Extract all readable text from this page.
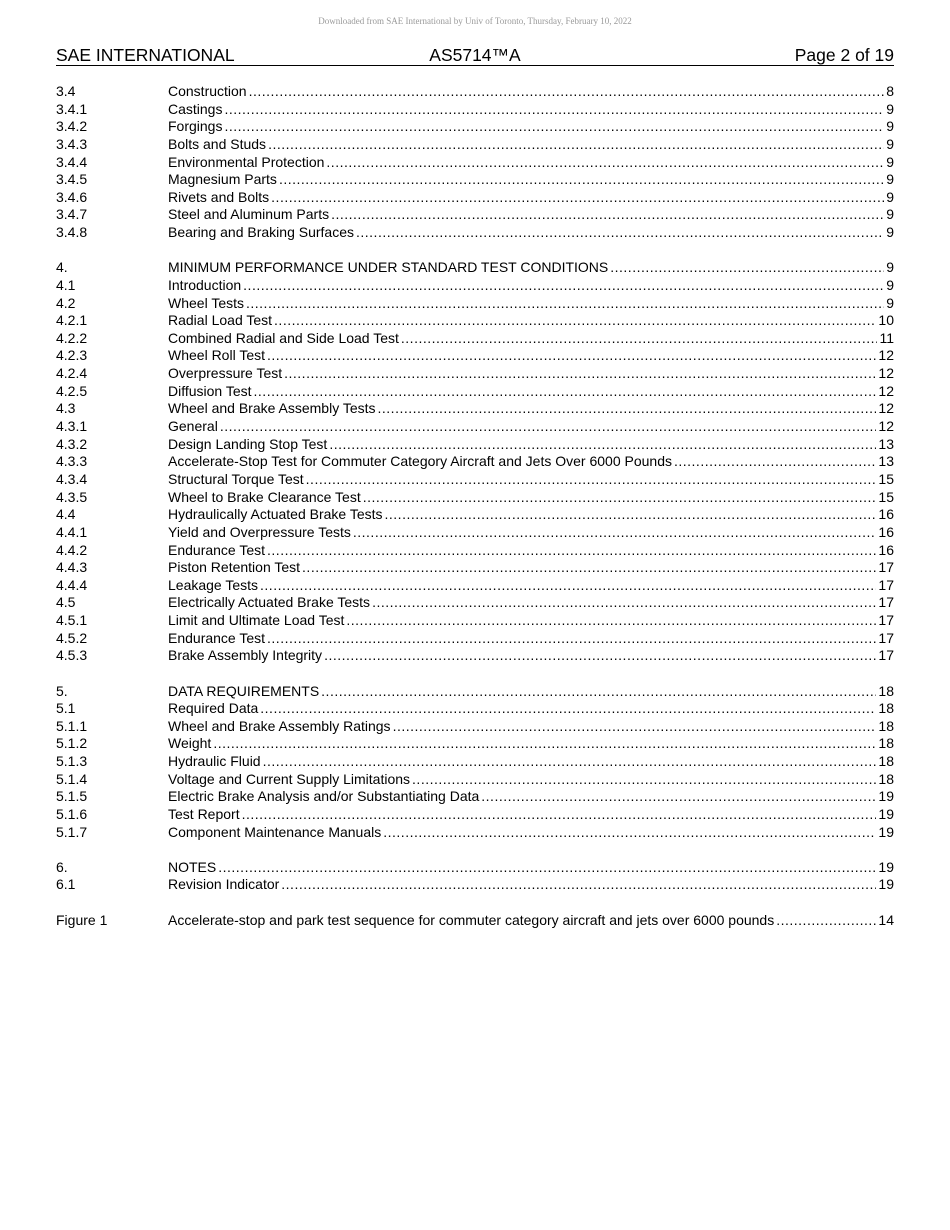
Downloaded from SAE International by Univ of Toronto, Thursday, February 10, 2022
AS5714™A
SAE INTERNATIONAL	Page 2 of 19
3.4	Construction .....	8
3.4.1	Castings .....	9
3.4.2	Forgings .....	9
3.4.3	Bolts and Studs .....	9
3.4.4	Environmental Protection .....	9
3.4.5	Magnesium Parts .....	9
3.4.6	Rivets and Bolts .....	9
3.4.7	Steel and Aluminum Parts .....	9
3.4.8	Bearing and Braking Surfaces .....	9
4.	MINIMUM PERFORMANCE UNDER STANDARD TEST CONDITIONS .....	9
4.1	Introduction .....	9
4.2	Wheel Tests .....	9
4.2.1	Radial Load Test .....	10
4.2.2	Combined Radial and Side Load Test .....	11
4.2.3	Wheel Roll Test .....	12
4.2.4	Overpressure Test .....	12
4.2.5	Diffusion Test .....	12
4.3	Wheel and Brake Assembly Tests .....	12
4.3.1	General .....	12
4.3.2	Design Landing Stop Test .....	13
4.3.3	Accelerate-Stop Test for Commuter Category Aircraft and Jets Over 6000 Pounds .....	13
4.3.4	Structural Torque Test .....	15
4.3.5	Wheel to Brake Clearance Test .....	15
4.4	Hydraulically Actuated Brake Tests .....	16
4.4.1	Yield and Overpressure Tests .....	16
4.4.2	Endurance Test .....	16
4.4.3	Piston Retention Test .....	17
4.4.4	Leakage Tests .....	17
4.5	Electrically Actuated Brake Tests .....	17
4.5.1	Limit and Ultimate Load Test .....	17
4.5.2	Endurance Test .....	17
4.5.3	Brake Assembly Integrity .....	17
5.	DATA REQUIREMENTS .....	18
5.1	Required Data .....	18
5.1.1	Wheel and Brake Assembly Ratings .....	18
5.1.2	Weight .....	18
5.1.3	Hydraulic Fluid .....	18
5.1.4	Voltage and Current Supply Limitations .....	18
5.1.5	Electric Brake Analysis and/or Substantiating Data .....	19
5.1.6	Test Report .....	19
5.1.7	Component Maintenance Manuals .....	19
6.	NOTES .....	19
6.1	Revision Indicator .....	19
Figure 1	Accelerate-stop and park test sequence for commuter category aircraft and jets over 6000 pounds .....	14
